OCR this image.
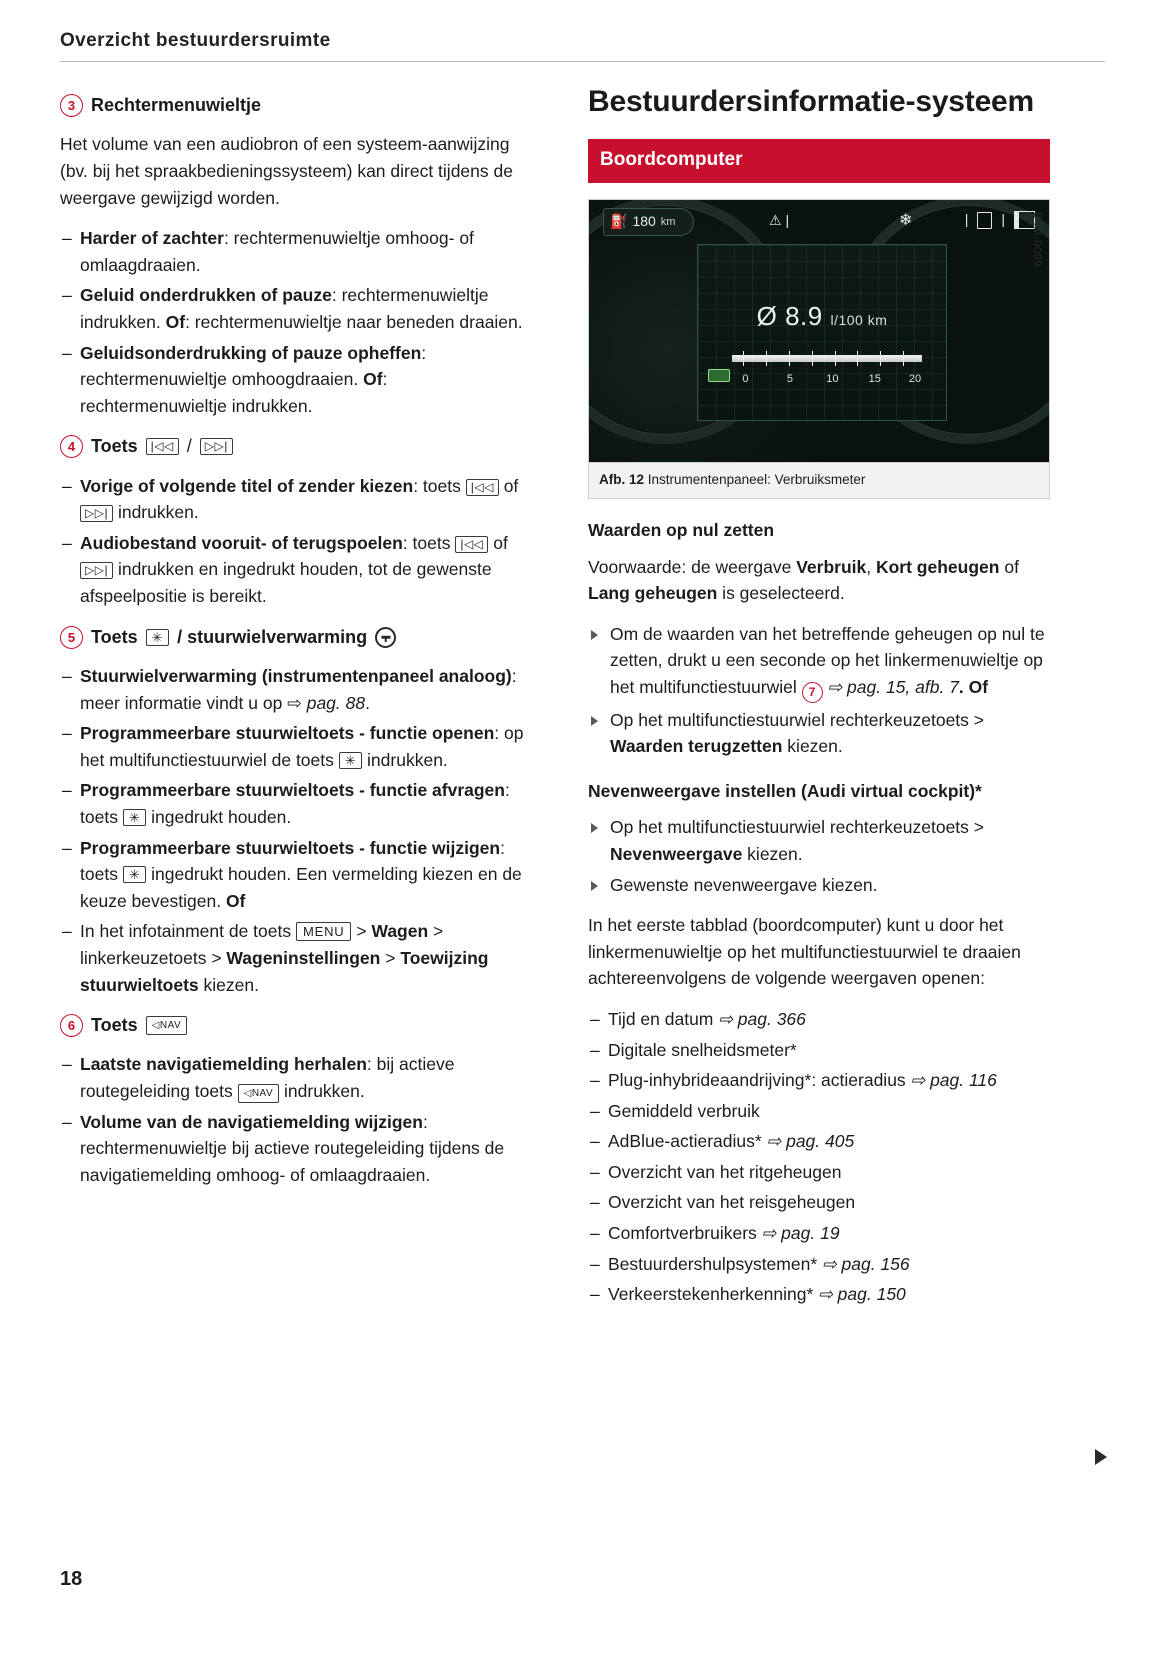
Overzicht bestuurdersruimte
3 Rechtermenuwieltje

Het volume van een audiobron of een systeem-aanwijzing (bv. bij het spraakbedieningssysteem) kan direct tijdens de weergave gewijzigd worden.

– Harder of zachter: rechtermenuwieltje omhoog- of omlaagdraaien.
– Geluid onderdrukken of pauze: rechtermenuwieltje indrukken. Of: rechtermenuwieltje naar beneden draaien.
– Geluidsonderdrukking of pauze opheffen: rechtermenuwieltje omhoogdraaien. Of: rechtermenuwieltje indrukken.
4 Toets	|◁◁ /	▷▷|
– Vorige of volgende titel of zender kiezen: toets |◁◁ of ▷▷| indrukken.
– Audiobestand vooruit- of terugspoelen: toets |◁◁ of ▷▷| indrukken en ingedrukt houden, tot de gewenste afspeelpositie is bereikt.
5 Toets	✳ / stuurwielverwarming
– Stuurwielverwarming (instrumentenpaneel analoog): meer informatie vindt u op ⇨ pag. 88.
– Programmeerbare stuurwieltoets - functie openen: op het multifunctiestuurwiel de toets ✳ indrukken.
– Programmeerbare stuurwieltoets - functie afvragen: toets ✳ ingedrukt houden.
– Programmeerbare stuurwieltoets - functie wijzigen: toets ✳ ingedrukt houden. Een vermelding kiezen en de keuze bevestigen. Of
– In het infotainment de toets MENU > Wagen > linkerkeuzetoets > Wageninstellingen > Toewijzing stuurwieltoets kiezen.
6 Toets	◁NAV
– Laatste navigatiemelding herhalen: bij actieve routegeleiding toets ◁NAV indrukken.
– Volume van de navigatiemelding wijzigen: rechtermenuwieltje bij actieve routegeleiding tijdens de navigatiemelding omhoog- of omlaagdraaien.
Bestuurdersinformatie-systeem
Boordcomputer
⛽ 180 km	⚠ |	❄	| |
Ø 8.9 l/100 km
0	5	10	15	20
B4M-0089
Afb. 12 Instrumentenpaneel: Verbruiksmeter
Waarden op nul zetten

Voorwaarde: de weergave Verbruik, Kort geheugen of Lang geheugen is geselecteerd.

Om de waarden van het betreffende geheugen op nul te zetten, drukt u een seconde op het linkermenuwieltje op het multifunctiestuurwiel 7 ⇨ pag. 15, afb. 7. Of
Op het multifunctiestuurwiel rechterkeuzetoets > Waarden terugzetten kiezen.
Nevenweergave instellen (Audi virtual cockpit)*
Op het multifunctiestuurwiel rechterkeuzetoets > Nevenweergave kiezen.
Gewenste nevenweergave kiezen.

In het eerste tabblad (boordcomputer) kunt u door het linkermenuwieltje op het multifunctiestuurwiel te draaien achtereenvolgens de volgende weergaven openen:

– Tijd en datum ⇨ pag. 366
– Digitale snelheidsmeter*
– Plug-inhybrideaandrijving*: actieradius ⇨ pag. 116
– Gemiddeld verbruik
– AdBlue-actieradius* ⇨ pag. 405
– Overzicht van het ritgeheugen
– Overzicht van het reisgeheugen
– Comfortverbruikers ⇨ pag. 19
– Bestuurdershulpsystemen* ⇨ pag. 156
– Verkeerstekenherkenning* ⇨ pag. 150
18
